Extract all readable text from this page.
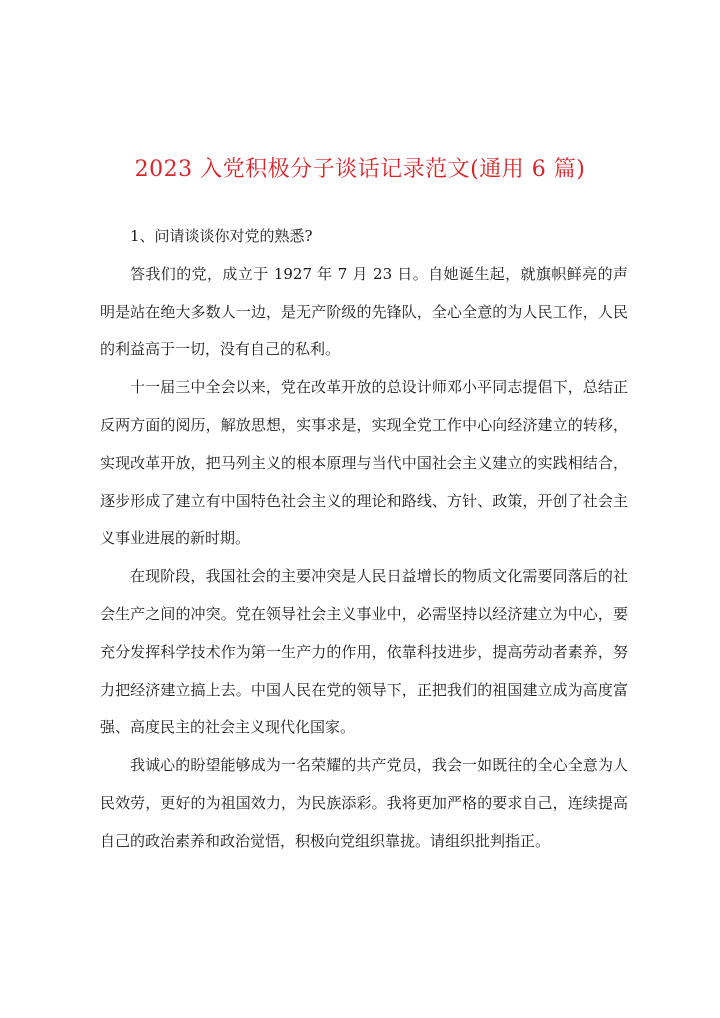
2023 入党积极分子谈话记录范文(通用 6 篇)

1、问请谈谈你对党的熟悉?

答我们的党，成立于 1927 年 7 月 23 日。自她诞生起，就旗帜鲜亮的声明是站在绝大多数人一边，是无产阶级的先锋队，全心全意的为人民工作，人民的利益高于一切，没有自己的私利。

十一届三中全会以来，党在改革开放的总设计师邓小平同志提倡下，总结正反两方面的阅历，解放思想，实事求是，实现全党工作中心向经济建立的转移，实现改革开放，把马列主义的根本原理与当代中国社会主义建立的实践相结合，逐步形成了建立有中国特色社会主义的理论和路线、方针、政策，开创了社会主义事业进展的新时期。

在现阶段，我国社会的主要冲突是人民日益增长的物质文化需要同落后的社会生产之间的冲突。党在领导社会主义事业中，必需坚持以经济建立为中心，要充分发挥科学技术作为第一生产力的作用，依靠科技进步，提高劳动者素养，努力把经济建立搞上去。中国人民在党的领导下，正把我们的祖国建立成为高度富强、高度民主的社会主义现代化国家。

我诚心的盼望能够成为一名荣耀的共产党员，我会一如既往的全心全意为人民效劳，更好的为祖国效力，为民族添彩。我将更加严格的要求自己，连续提高自己的政治素养和政治觉悟，积极向党组织靠拢。请组织批判指正。
